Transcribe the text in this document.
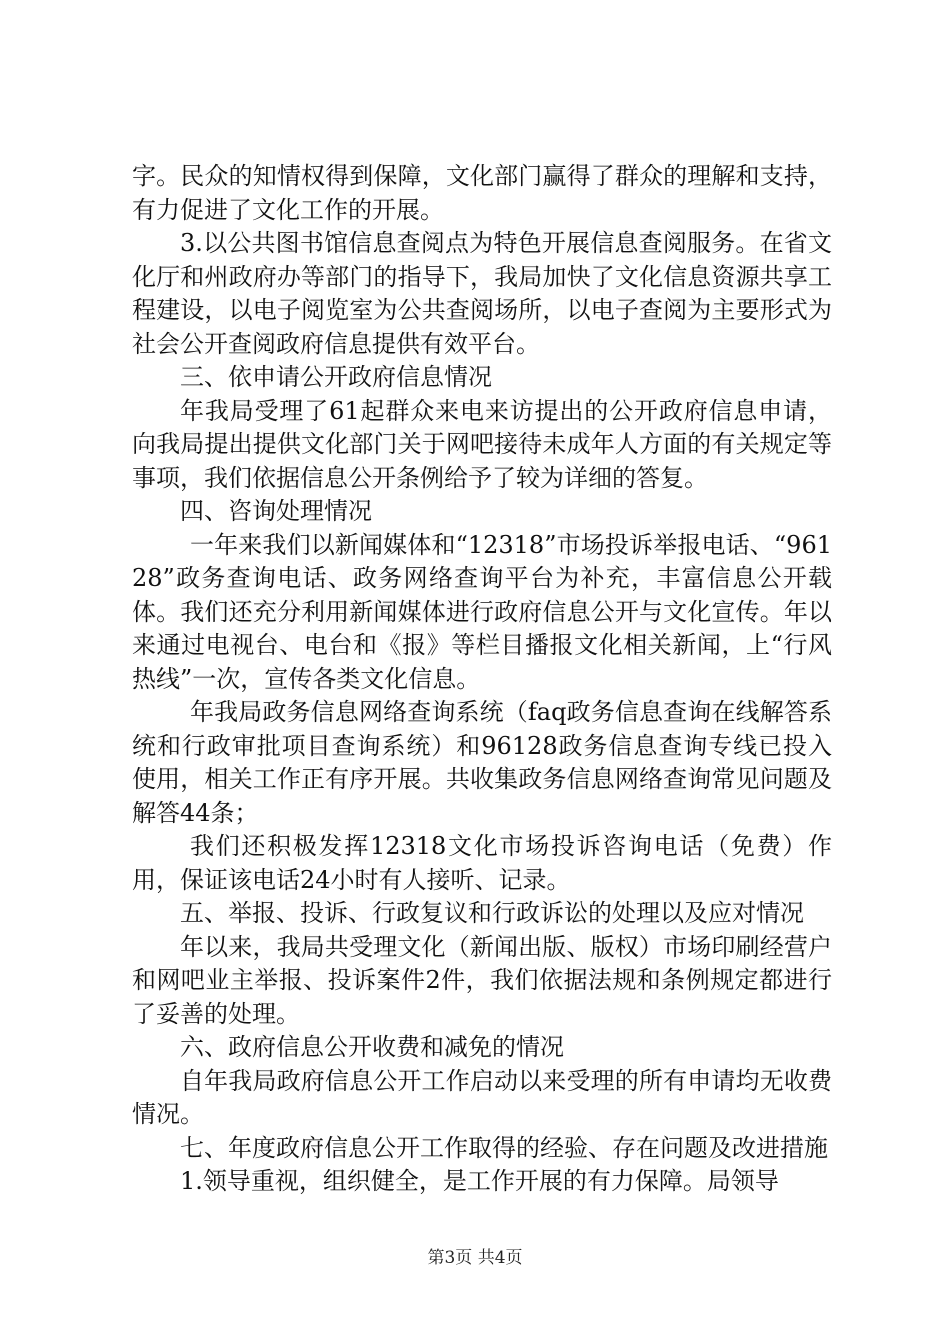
字。民众的知情权得到保障，文化部门赢得了群众的理解和支持，有力促进了文化工作的开展。

3.以公共图书馆信息查阅点为特色开展信息查阅服务。在省文化厅和州政府办等部门的指导下，我局加快了文化信息资源共享工程建设，以电子阅览室为公共查阅场所，以电子查阅为主要形式为社会公开查阅政府信息提供有效平台。

三、依申请公开政府信息情况

年我局受理了61起群众来电来访提出的公开政府信息申请，向我局提出提供文化部门关于网吧接待未成年人方面的有关规定等事项，我们依据信息公开条例给予了较为详细的答复。

四、咨询处理情况

一年来我们以新闻媒体和“12318”市场投诉举报电话、“96128”政务查询电话、政务网络查询平台为补充，丰富信息公开载体。我们还充分利用新闻媒体进行政府信息公开与文化宣传。年以来通过电视台、电台和《报》等栏目播报文化相关新闻，上“行风热线”一次，宣传各类文化信息。

年我局政务信息网络查询系统（faq政务信息查询在线解答系统和行政审批项目查询系统）和96128政务信息查询专线已投入使用，相关工作正有序开展。共收集政务信息网络查询常见问题及解答44条；

我们还积极发挥12318文化市场投诉咨询电话（免费）作用，保证该电话24小时有人接听、记录。

五、举报、投诉、行政复议和行政诉讼的处理以及应对情况

年以来，我局共受理文化（新闻出版、版权）市场印刷经营户和网吧业主举报、投诉案件2件，我们依据法规和条例规定都进行了妥善的处理。

六、政府信息公开收费和减免的情况

自年我局政府信息公开工作启动以来受理的所有申请均无收费情况。

七、年度政府信息公开工作取得的经验、存在问题及改进措施

1.领导重视，组织健全，是工作开展的有力保障。局领导

第3页 共4页
